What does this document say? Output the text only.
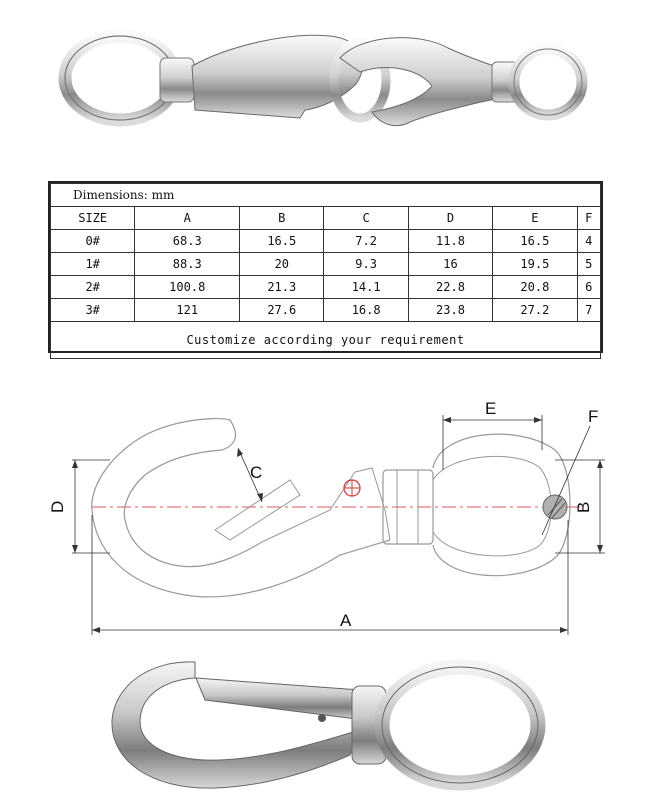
Dimensions: mm						
SIZE	A	B	C	D	E	F
0#	68.3	16.5	7.2	11.8	16.5	4
1#	88.3	20	9.3	16	19.5	5
2#	100.8	21.3	14.1	22.8	20.8	6
3#	121	27.6	16.8	23.8	27.2	7
Customize according your requirement						
A
D
C
E	F
B
